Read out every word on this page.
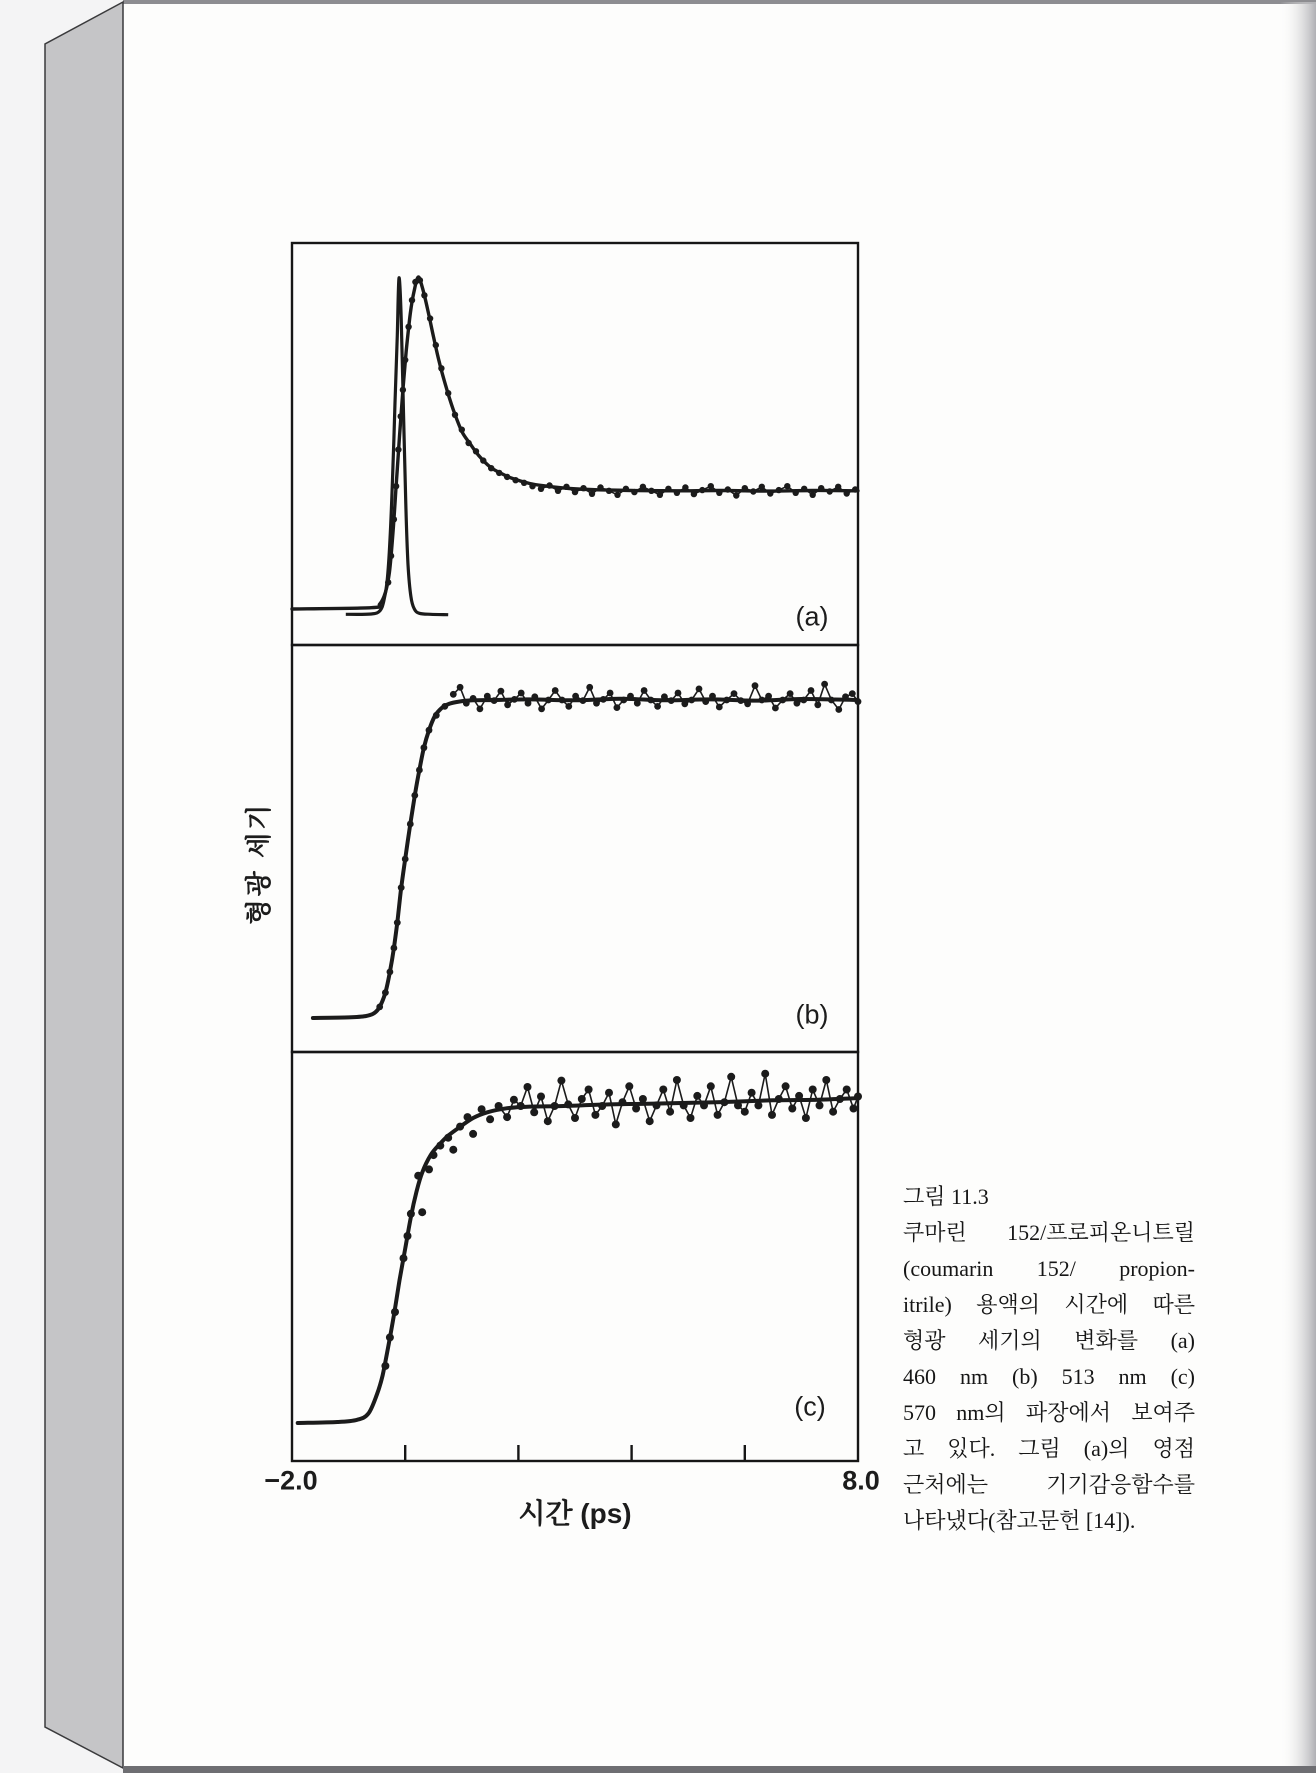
형광 세기
−2.0	8.0
시간 (ps)
(a)
(b)
(c)
그림 11.3
쿠마린 152/프로피온니트릴
(coumarin 152/ propion-
itrile) 용액의 시간에 따른
형광 세기의 변화를 (a)
460 nm (b) 513 nm (c)
570 nm의 파장에서 보여주
고 있다. 그림 (a)의 영점
근처에는 기기감응함수를
나타냈다(참고문헌 [14]).
